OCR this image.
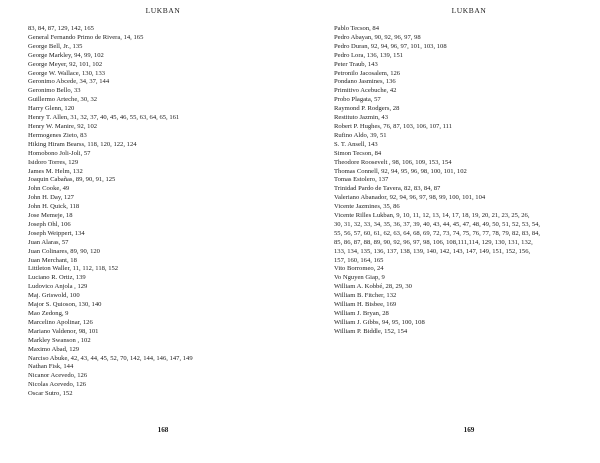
LUKBAN
83, 84, 87, 129, 142, 165
General Fernando Primo de Rivera, 14, 165
George Bell, Jr., 135
George Markley, 94, 99, 102
George Meyer, 92, 101, 102
George W. Wallace, 130, 133
Geronimo Abcede, 34, 37, 144
Geronimo Bello, 33
Guillermo Arteche, 30, 32
Harry Glenn, 120
Henry T. Allen, 31, 32, 37, 40, 45, 46, 55, 63, 64, 65, 161
Henry W. Manire, 92, 102
Hermogenes Zieto, 83
Hiking Hiram Bearss, 118, 120, 122, 124
Homobono Joli-Joli, 57
Isidoro Torres, 129
James M. Helm, 132
Joaquin Cabañas, 89, 90, 91, 125
John Cooke, 49
John H. Day, 127
John H. Quick, 118
Jose Memeje, 18
Joseph Ohl, 106
Joseph Weippert, 134
Juan Alaras, 57
Juan Colinares, 89, 90, 120
Juan Merchant, 18
Littleton Waller, 11, 112, 118, 152
Luciano R. Ortiz, 139
Ludovico Anjola , 129
Maj. Griswold, 100
Major S. Quioson, 130, 140
Mao Zedong, 9
Marcelino Apolinar, 126
Mariano Valdenor, 98, 101
Markley Swanson , 102
Maximo Abad, 129
Narciso Abuke, 42, 43, 44, 45, 52, 70, 142, 144, 146, 147, 149
Nathan Fisk, 144
Nicanor Acevedo, 126
Nicolas Acevedo, 126
Oscar Sutro, 152
168
LUKBAN
Pablo Tecson, 84
Pedro Abayan, 90, 92, 96, 97, 98
Pedro Duran, 92, 94, 96, 97, 101, 103, 108
Pedro Lora, 136, 139, 151
Peter Traub, 143
Petronilo Jacosalem, 126
Pondano Jasmines, 136
Primitivo Acebuche, 42
Probo Plagata, 57
Raymond P. Rodgers, 28
Restituto Jazmin, 43
Robert P. Hughes, 76, 87, 103, 106, 107, 111
Rufino Aldo, 39, 51
S. T. Ansell, 143
Simon Tecson, 84
Theodore Roosevelt , 98, 106, 109, 153, 154
Thomas Connell, 92, 94, 95, 96, 98, 100, 101, 102
Tomas Estolero, 137
Trinidad Pardo de Tavera, 82, 83, 84, 87
Valeriano Abanador, 92, 94, 96, 97, 98, 99, 100, 101, 104
Vicente Jazmines, 35, 86
Vicente Rilles Lukban, 9, 10, 11, 12, 13, 14, 17, 18, 19, 20, 21, 23, 25, 26,
30, 31, 32, 33, 34, 35, 36, 37, 39, 40, 43, 44, 45, 47, 48, 49, 50, 51, 52, 53, 54,
55, 56, 57, 60, 61, 62, 63, 64, 68, 69, 72, 73, 74, 75, 76, 77, 78, 79, 82, 83, 84,
85, 86, 87, 88, 89, 90, 92, 96, 97, 98, 106, 108,111,114, 129, 130, 131, 132,
133, 134, 135, 136, 137, 138, 139, 140, 142, 143, 147, 149, 151, 152, 156,
157, 160, 164, 165
Vito Borromeo, 24
Vo Nguyen Giap, 9
William A. Kobbé, 28, 29, 30
William B. Fitcher, 132
William H. Bisbee, 169
William J. Bryan, 28
William J. Gibbs, 94, 95, 100, 108
William P. Biddle, 152, 154
169
